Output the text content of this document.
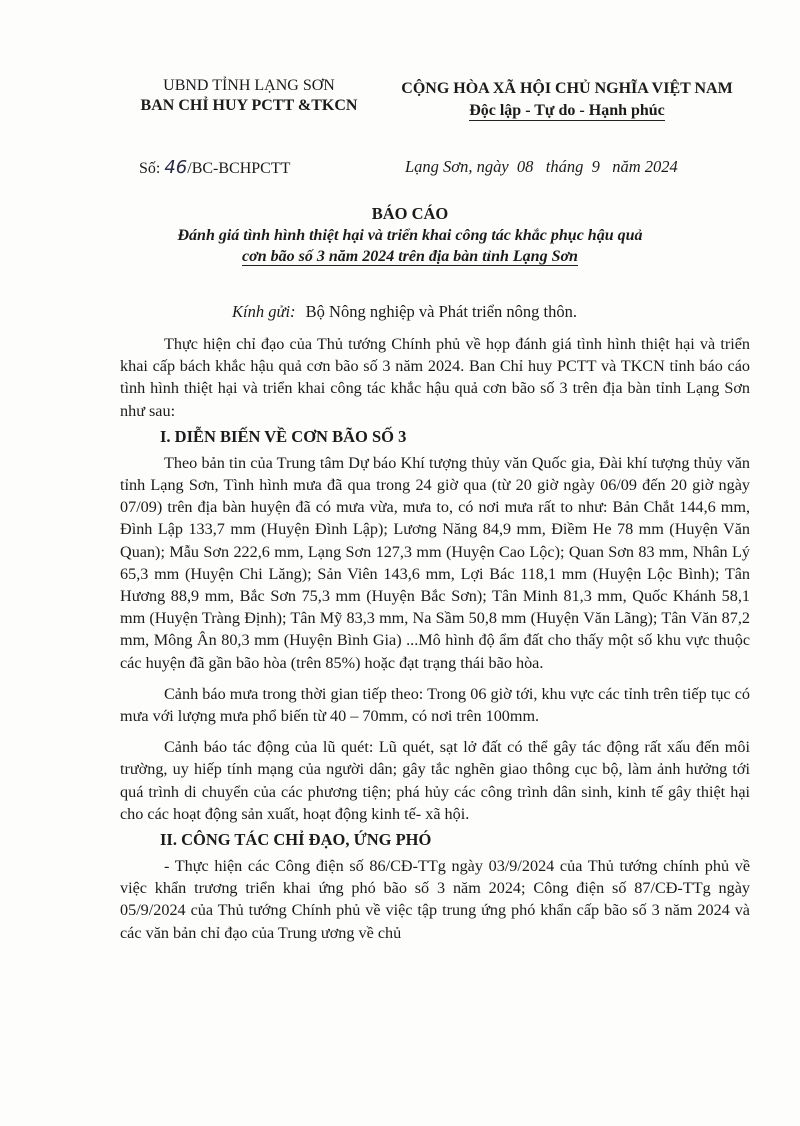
UBND TỈNH LẠNG SƠN
BAN CHỈ HUY PCTT &TKCN
CỘNG HÒA XÃ HỘI CHỦ NGHĨA VIỆT NAM
Độc lập - Tự do - Hạnh phúc
Số: 46/BC-BCHPCTT	Lạng Sơn, ngày  08   tháng  9   năm 2024
BÁO CÁO
Đánh giá tình hình thiệt hại và triển khai công tác khắc phục hậu quả
cơn bão số 3 năm 2024 trên địa bàn tỉnh Lạng Sơn
Kính gửi: Bộ Nông nghiệp và Phát triển nông thôn.

Thực hiện chỉ đạo của Thủ tướng Chính phủ về họp đánh giá tình hình thiệt hại và triển khai cấp bách khắc hậu quả cơn bão số 3 năm 2024. Ban Chỉ huy PCTT và TKCN tỉnh báo cáo tình hình thiệt hại và triển khai công tác khắc hậu quả cơn bão số 3 trên địa bàn tỉnh Lạng Sơn như sau:

I. DIỄN BIẾN VỀ CƠN BÃO SỐ 3

Theo bản tin của Trung tâm Dự báo Khí tượng thủy văn Quốc gia, Đài khí tượng thủy văn tỉnh Lạng Sơn, Tình hình mưa đã qua trong 24 giờ qua (từ 20 giờ ngày 06/09 đến 20 giờ ngày 07/09) trên địa bàn huyện đã có mưa vừa, mưa to, có nơi mưa rất to như: Bản Chắt 144,6 mm, Đình Lập 133,7 mm (Huyện Đình Lập); Lương Năng 84,9 mm, Điềm He 78 mm (Huyện Văn Quan); Mẫu Sơn 222,6 mm, Lạng Sơn 127,3 mm (Huyện Cao Lộc); Quan Sơn 83 mm, Nhân Lý 65,3 mm (Huyện Chi Lăng); Sản Viên 143,6 mm, Lợi Bác 118,1 mm (Huyện Lộc Bình); Tân Hương 88,9 mm, Bắc Sơn 75,3 mm (Huyện Bắc Sơn); Tân Minh 81,3 mm, Quốc Khánh 58,1 mm (Huyện Tràng Định); Tân Mỹ 83,3 mm, Na Sầm 50,8 mm (Huyện Văn Lãng); Tân Văn 87,2 mm, Mông Ân 80,3 mm (Huyện Bình Gia) ...Mô hình độ ẩm đất cho thấy một số khu vực thuộc các huyện đã gần bão hòa (trên 85%) hoặc đạt trạng thái bão hòa.

Cảnh báo mưa trong thời gian tiếp theo: Trong 06 giờ tới, khu vực các tỉnh trên tiếp tục có mưa với lượng mưa phổ biến từ 40 – 70mm, có nơi trên 100mm.

Cảnh báo tác động của lũ quét: Lũ quét, sạt lở đất có thể gây tác động rất xấu đến môi trường, uy hiếp tính mạng của người dân; gây tắc nghẽn giao thông cục bộ, làm ảnh hưởng tới quá trình di chuyển của các phương tiện; phá hủy các công trình dân sinh, kinh tế gây thiệt hại cho các hoạt động sản xuất, hoạt động kinh tế- xã hội.

II. CÔNG TÁC CHỈ ĐẠO, ỨNG PHÓ

- Thực hiện các Công điện số 86/CĐ-TTg ngày 03/9/2024 của Thủ tướng chính phủ về việc khẩn trương triển khai ứng phó bão số 3 năm 2024; Công điện số 87/CĐ-TTg ngày 05/9/2024 của Thủ tướng Chính phủ về việc tập trung ứng phó khẩn cấp bão số 3 năm 2024 và các văn bản chỉ đạo của Trung ương về chủ
